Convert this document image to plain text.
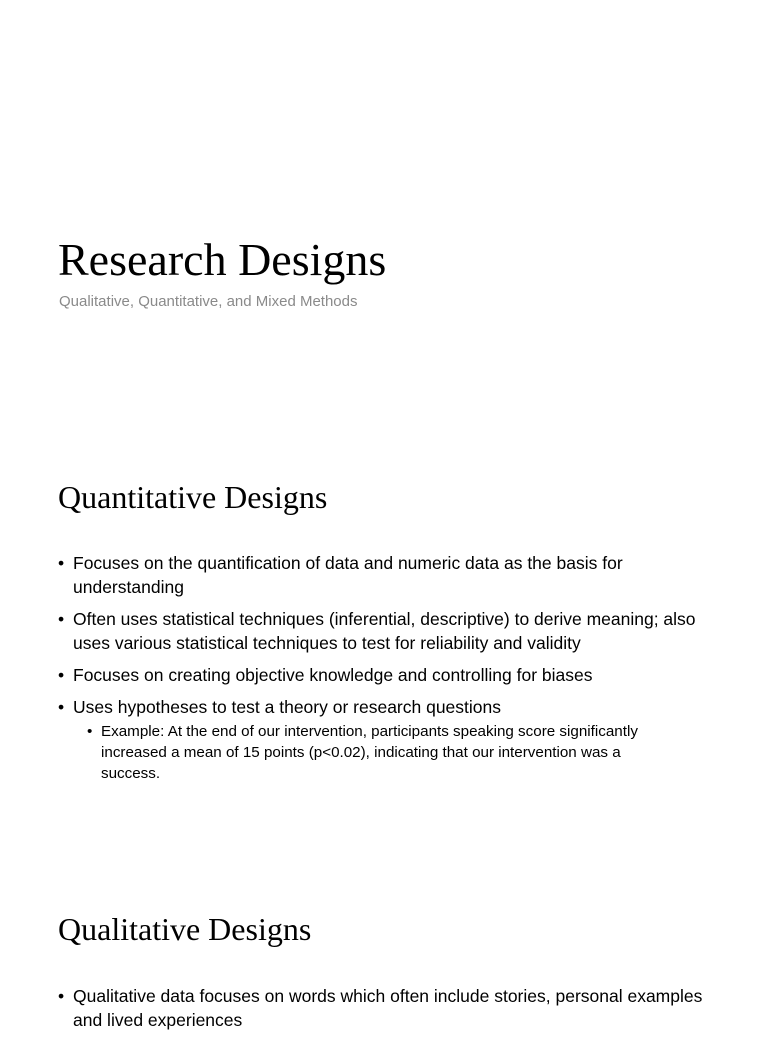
Research Designs

Qualitative, Quantitative, and Mixed Methods

Quantitative Designs
• Focuses on the quantification of data and numeric data as the basis for understanding
• Often uses statistical techniques (inferential, descriptive) to derive meaning; also uses various statistical techniques to test for reliability and validity
• Focuses on creating objective knowledge and controlling for biases
• Uses hypotheses to test a theory or research questions
• Example: At the end of our intervention, participants speaking score significantly increased a mean of 15 points (p<0.02), indicating that our intervention was a success.
Qualitative Designs
• Qualitative data focuses on words which often include stories, personal examples and lived experiences
